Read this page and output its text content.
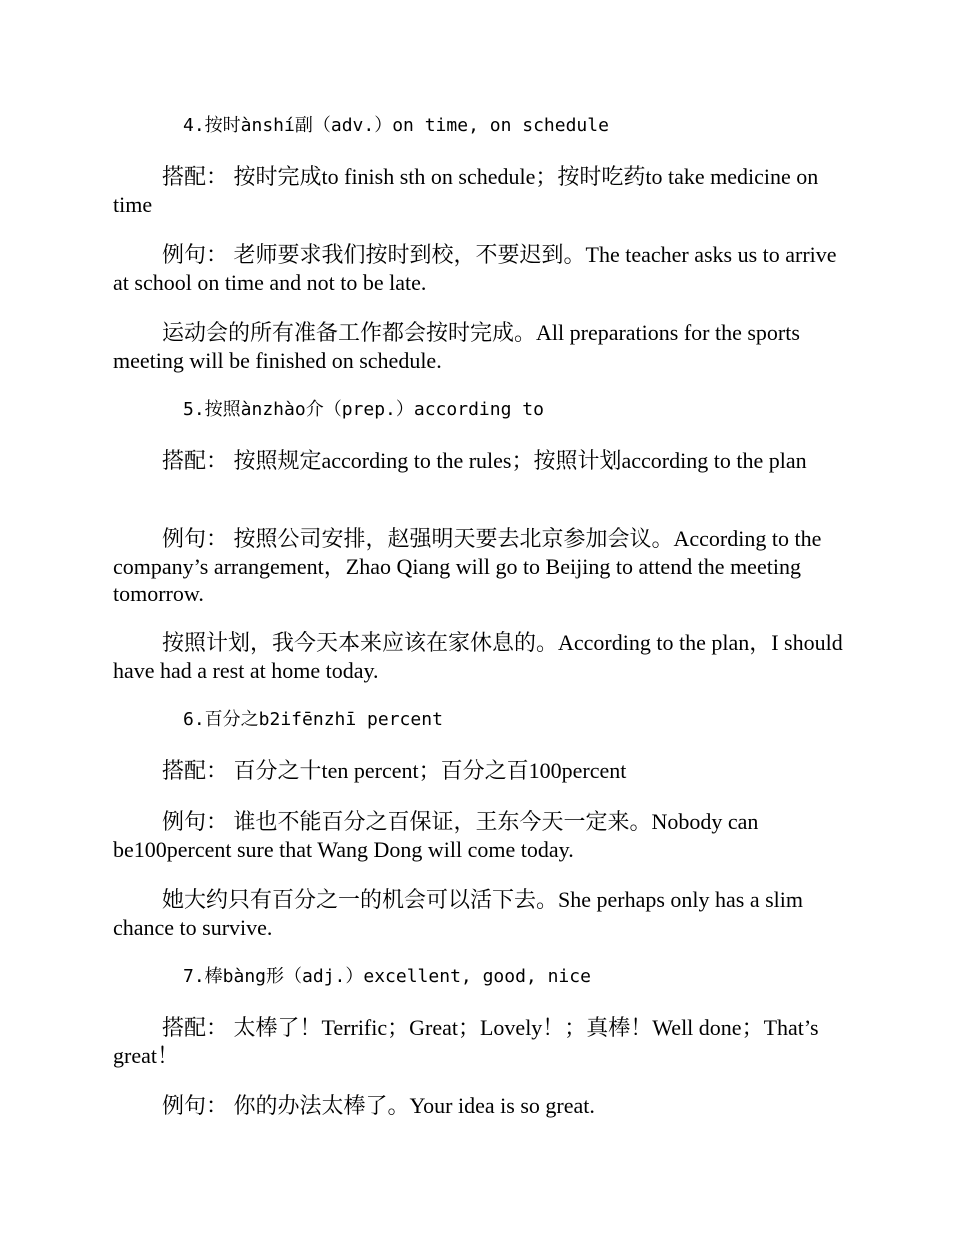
4.按时ànshí副（adv.）on time, on schedule
搭配： 按时完成to finish sth on schedule；按时吃药to take medicine on time
例句： 老师要求我们按时到校，不要迟到。The teacher asks us to arrive at school on time and not to be late.
运动会的所有准备工作都会按时完成。All preparations for the sports meeting will be finished on schedule.
5.按照ànzhào介（prep.）according to
搭配： 按照规定according to the rules；按照计划according to the plan
例句： 按照公司安排，赵强明天要去北京参加会议。According to the company’s arrangement，Zhao Qiang will go to Beijing to attend the meeting tomorrow.
按照计划，我今天本来应该在家休息的。According to the plan，I should have had a rest at home today.
6.百分之b2ifēnzhī percent
搭配： 百分之十ten percent；百分之百100percent
例句： 谁也不能百分之百保证，王东今天一定来。Nobody can be100percent sure that Wang Dong will come today.
她大约只有百分之一的机会可以活下去。She perhaps only has a slim chance to survive.
7.棒bàng形（adj.）excellent, good, nice
搭配： 太棒了！Terrific；Great；Lovely！；真棒！Well done；That’s great！
例句： 你的办法太棒了。Your idea is so great.
